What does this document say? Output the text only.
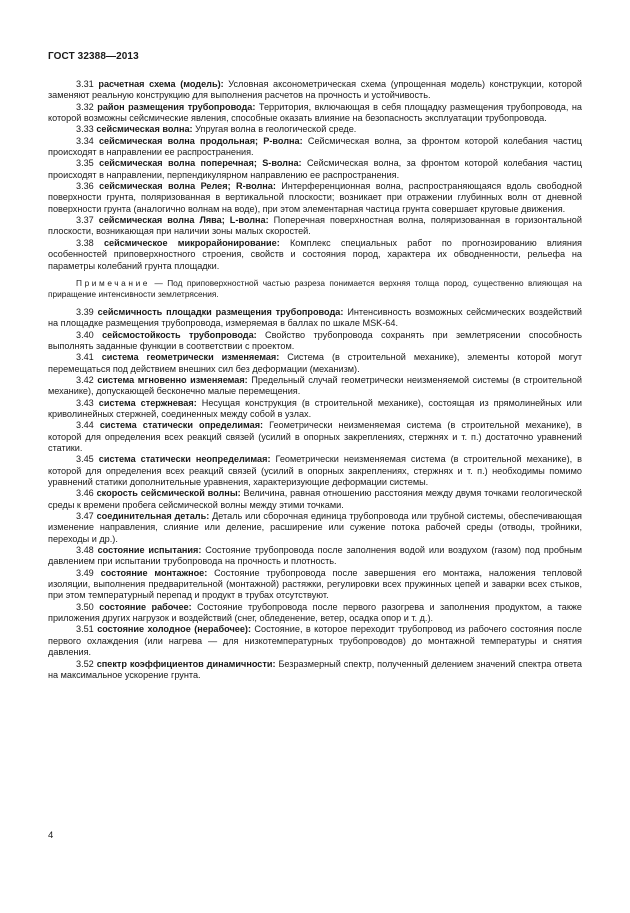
ГОСТ 32388—2013

3.31 расчетная схема (модель): Условная аксонометрическая схема (упрощенная модель) конструкции, которой заменяют реальную конструкцию для выполнения расчетов на прочность и устойчивость.

3.32 район размещения трубопровода: Территория, включающая в себя площадку размещения трубопровода, на которой возможны сейсмические явления, способные оказать влияние на безопасность эксплуатации трубопровода.

3.33 сейсмическая волна: Упругая волна в геологической среде.

3.34 сейсмическая волна продольная; Р-волна: Сейсмическая волна, за фронтом которой колебания частиц происходят в направлении ее распространения.

3.35 сейсмическая волна поперечная; S-волна: Сейсмическая волна, за фронтом которой колебания частиц происходят в направлении, перпендикулярном направлению ее распространения.

3.36 сейсмическая волна Релея; R-волна: Интерференционная волна, распространяющаяся вдоль свободной поверхности грунта, поляризованная в вертикальной плоскости; возникает при отражении глубинных волн от дневной поверхности грунта (аналогично волнам на воде), при этом элементарная частица грунта совершает круговые движения.

3.37 сейсмическая волна Лява; L-волна: Поперечная поверхностная волна, поляризованная в горизонтальной плоскости, возникающая при наличии зоны малых скоростей.

3.38 сейсмическое микрорайонирование: Комплекс специальных работ по прогнозированию влияния особенностей приповерхностного строения, свойств и состояния пород, характера их обводненности, рельефа на параметры колебаний грунта площадки.

Примечание — Под приповерхностной частью разреза понимается верхняя толща пород, существенно влияющая на приращение интенсивности землетрясения.

3.39 сейсмичность площадки размещения трубопровода: Интенсивность возможных сейсмических воздействий на площадке размещения трубопровода, измеряемая в баллах по шкале MSK-64.

3.40 сейсмостойкость трубопровода: Свойство трубопровода сохранять при землетрясении способность выполнять заданные функции в соответствии с проектом.

3.41 система геометрически изменяемая: Система (в строительной механике), элементы которой могут перемещаться под действием внешних сил без деформации (механизм).

3.42 система мгновенно изменяемая: Предельный случай геометрически неизменяемой системы (в строительной механике), допускающей бесконечно малые перемещения.

3.43 система стержневая: Несущая конструкция (в строительной механике), состоящая из прямолинейных или криволинейных стержней, соединенных между собой в узлах.

3.44 система статически определимая: Геометрически неизменяемая система (в строительной механике), в которой для определения всех реакций связей (усилий в опорных закреплениях, стержнях и т. п.) достаточно уравнений статики.

3.45 система статически неопределимая: Геометрически неизменяемая система (в строительной механике), в которой для определения всех реакций связей (усилий в опорных закреплениях, стержнях и т. п.) необходимы помимо уравнений статики дополнительные уравнения, характеризующие деформации системы.

3.46 скорость сейсмической волны: Величина, равная отношению расстояния между двумя точками геологической среды к времени пробега сейсмической волны между этими точками.

3.47 соединительная деталь: Деталь или сборочная единица трубопровода или трубной системы, обеспечивающая изменение направления, слияние или деление, расширение или сужение потока рабочей среды (отводы, тройники, переходы и др.).

3.48 состояние испытания: Состояние трубопровода после заполнения водой или воздухом (газом) под пробным давлением при испытании трубопровода на прочность и плотность.

3.49 состояние монтажное: Состояние трубопровода после завершения его монтажа, наложения тепловой изоляции, выполнения предварительной (монтажной) растяжки, регулировки всех пружинных цепей и заварки всех стыков, при этом температурный перепад и продукт в трубах отсутствуют.

3.50 состояние рабочее: Состояние трубопровода после первого разогрева и заполнения продуктом, а также приложения других нагрузок и воздействий (снег, обледенение, ветер, осадка опор и т. д.).

3.51 состояние холодное (нерабочее): Состояние, в которое переходит трубопровод из рабочего состояния после первого охлаждения (или нагрева — для низкотемпературных трубопроводов) до монтажной температуры и снятия давления.

3.52 спектр коэффициентов динамичности: Безразмерный спектр, полученный делением значений спектра ответа на максимальное ускорение грунта.

4
